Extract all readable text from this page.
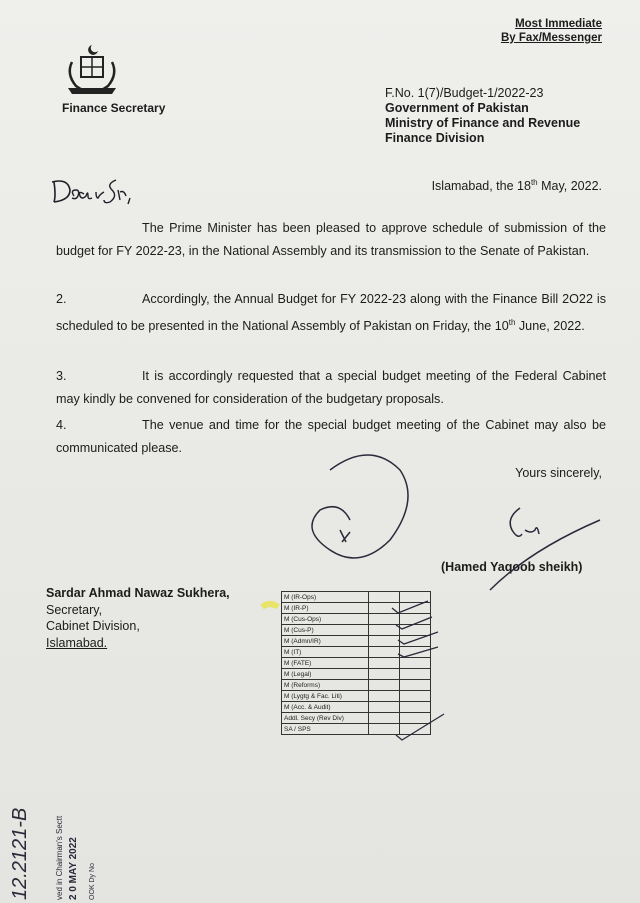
Most Immediate
By Fax/Messenger
Finance Secretary
F.No. 1(7)/Budget-1/2022-23
Government of Pakistan
Ministry of Finance and Revenue
Finance Division
Islamabad, the 18th May, 2022.
The Prime Minister has been pleased to approve schedule of submission of the budget for FY 2022-23, in the National Assembly and its transmission to the Senate of Pakistan.
2.	Accordingly, the Annual Budget for FY 2022-23 along with the Finance Bill 2O22 is scheduled to be presented in the National Assembly of Pakistan on Friday, the 10th June, 2022.
3.	It is accordingly requested that a special budget meeting of the Federal Cabinet may kindly be convened for consideration of the budgetary proposals.
4.	The venue and time for the special budget meeting of the Cabinet may also be communicated please.
Yours sincerely,
(Hamed Yaqoob sheikh)
Sardar Ahmad Nawaz Sukhera,
Secretary,
Cabinet Division,
Islamabad.
M (IR-Ops)		
M (IR-P)		
M (Cus-Ops)		
M (Cus-P)		
M (Admn/IR)		
M (IT)		
M (FATE)		
M (Legal)		
M (Reforms)		
M (Lygtg & Fac. Liti)		
M (Acc. & Audit)		
Addl. Secy (Rev Div)		
SA / SPS		
12.2121-B	ved in Chairman's Sectt 2 0 MAY 2022 OOK Dy No
